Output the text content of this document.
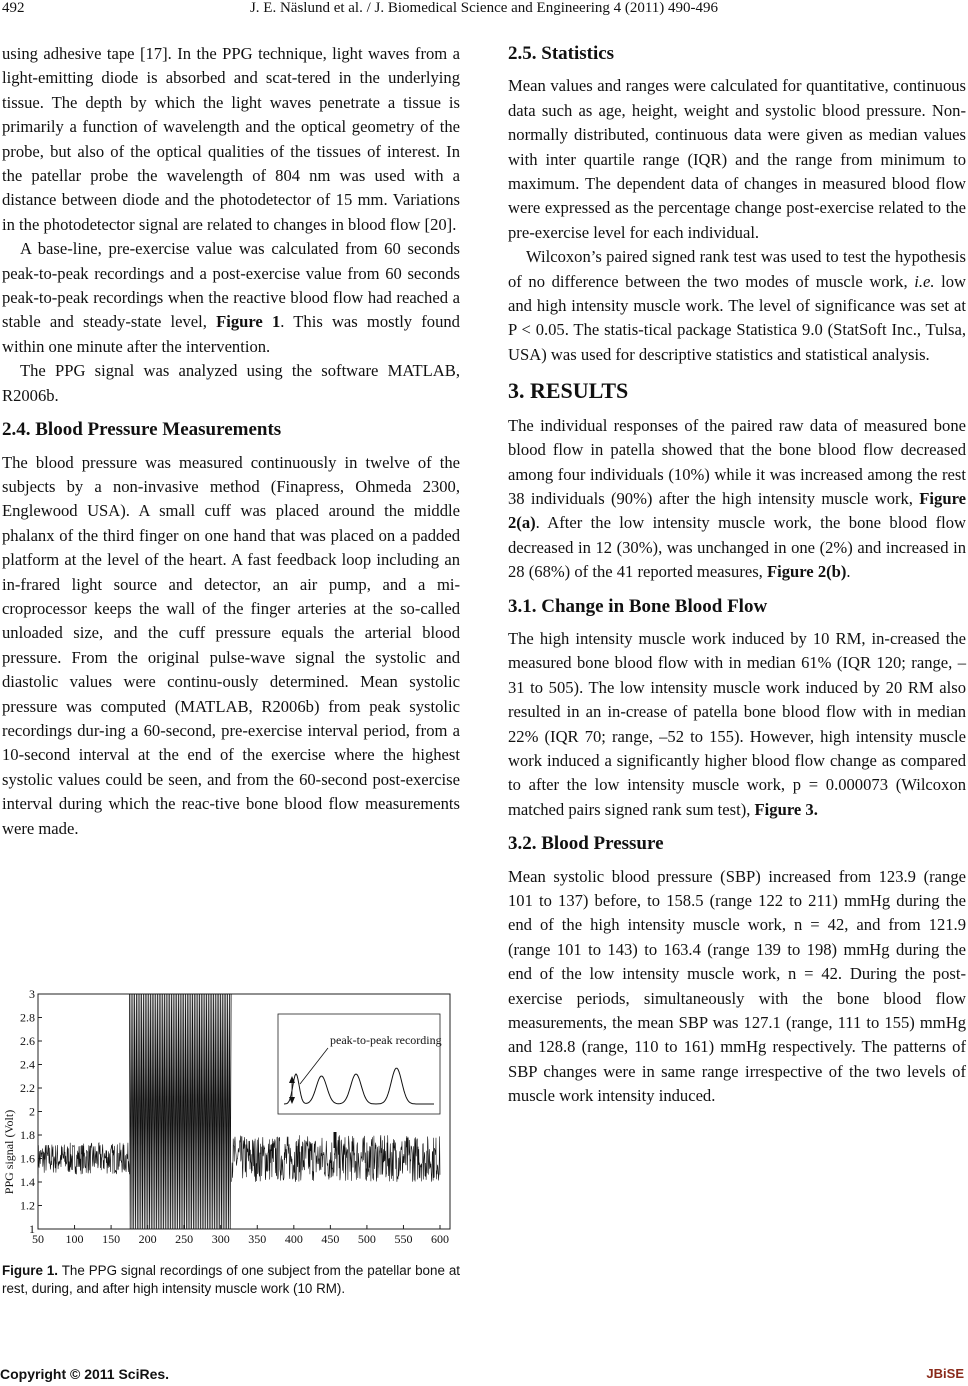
492	J. E. Näslund et al. / J. Biomedical Science and Engineering 4 (2011) 490-496

using adhesive tape [17]. In the PPG technique, light waves from a light-emitting diode is absorbed and scat-tered in the underlying tissue. The depth by which the light waves penetrate a tissue is primarily a function of wavelength and the optical geometry of the probe, but also of the optical qualities of the tissues of interest. In the patellar probe the wavelength of 804 nm was used with a distance between diode and the photodetector of 15 mm. Variations in the photodetector signal are related to changes in blood flow [20].

A base-line, pre-exercise value was calculated from 60 seconds peak-to-peak recordings and a post-exercise value from 60 seconds peak-to-peak recordings when the reactive blood flow had reached a stable and steady-state level, Figure 1. This was mostly found within one minute after the intervention.

The PPG signal was analyzed using the software MATLAB, R2006b.

2.4. Blood Pressure Measurements

The blood pressure was measured continuously in twelve of the subjects by a non-invasive method (Finapress, Ohmeda 2300, Englewood USA). A small cuff was placed around the middle phalanx of the third finger on one hand that was placed on a padded platform at the level of the heart. A fast feedback loop including an in-frared light source and detector, an air pump, and a mi-croprocessor keeps the wall of the finger arteries at the so-called unloaded size, and the cuff pressure equals the arterial blood pressure. From the original pulse-wave signal the systolic and diastolic values were continu-ously determined. Mean systolic pressure was computed (MATLAB, R2006b) from peak systolic recordings dur-ing a 60-second, pre-exercise interval period, from a 10-second interval at the end of the exercise where the highest systolic values could be seen, and from the 60-second post-exercise interval during which the reac-tive bone blood flow measurements were made.

PPG signal (Volt)
3
2.8
2.6
2.4
2.2
2
1.8
1.6
1.4
1.2
1
50 100 150 200 250 300 350 400 450 500 550 600
peak-to-peak recording
Figure 1. The PPG signal recordings of one subject from the patellar bone at rest, during, and after high intensity muscle work (10 RM).
2.5. Statistics

Mean values and ranges were calculated for quantitative, continuous data such as age, height, weight and systolic blood pressure. Non-normally distributed, continuous data were given as median values with inter quartile range (IQR) and the range from minimum to maximum. The dependent data of changes in measured blood flow were expressed as the percentage change post-exercise related to the pre-exercise level for each individual.

Wilcoxon’s paired signed rank test was used to test the hypothesis of no difference between the two modes of muscle work, i.e. low and high intensity muscle work. The level of significance was set at P < 0.05. The statis-tical package Statistica 9.0 (StatSoft Inc., Tulsa, USA) was used for descriptive statistics and statistical analysis.

3. RESULTS

The individual responses of the paired raw data of measured bone blood flow in patella showed that the bone blood flow decreased among four individuals (10%) while it was increased among the rest 38 individuals (90%) after the high intensity muscle work, Figure 2(a). After the low intensity muscle work, the bone blood flow decreased in 12 (30%), was unchanged in one (2%) and increased in 28 (68%) of the 41 reported measures, Figure 2(b).

3.1. Change in Bone Blood Flow

The high intensity muscle work induced by 10 RM, in-creased the measured bone blood flow with in median 61% (IQR 120; range, –31 to 505). The low intensity muscle work induced by 20 RM also resulted in an in-crease of patella bone blood flow with in median 22% (IQR 70; range, –52 to 155). However, high intensity muscle work induced a significantly higher blood flow change as compared to after the low intensity muscle work, p = 0.000073 (Wilcoxon matched pairs signed rank sum test), Figure 3.

3.2. Blood Pressure

Mean systolic blood pressure (SBP) increased from 123.9 (range 101 to 137) before, to 158.5 (range 122 to 211) mmHg during the end of the high intensity muscle work, n = 42, and from 121.9 (range 101 to 143) to 163.4 (range 139 to 198) mmHg during the end of the low intensity muscle work, n = 42. During the post-exercise periods, simultaneously with the bone blood flow measurements, the mean SBP was 127.1 (range, 111 to 155) mmHg and 128.8 (range, 110 to 161) mmHg respectively. The patterns of SBP changes were in same range irrespective of the two levels of muscle work intensity induced.

Copyright © 2011 SciRes.	JBiSE
